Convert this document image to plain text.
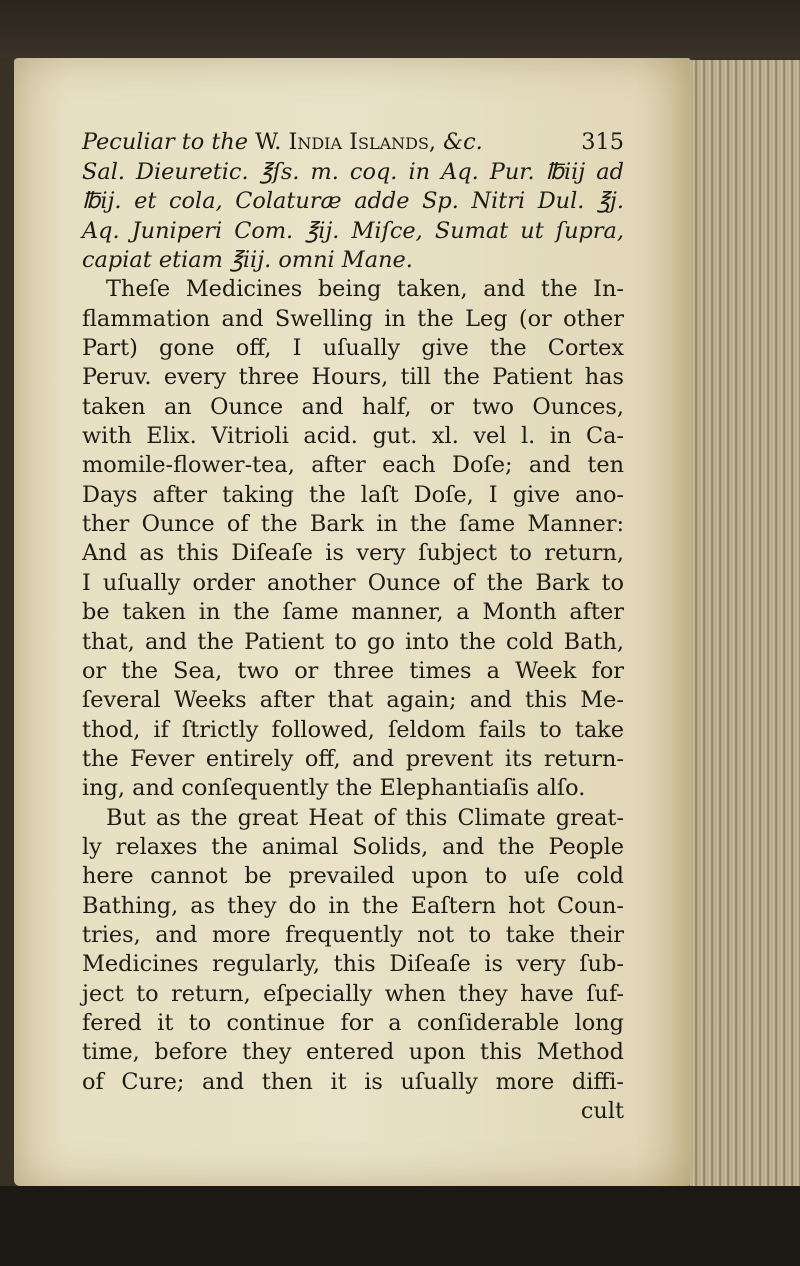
Peculiar to the W. India Islands, &c.	315
Sal. Dieuretic. ℥ſs. m. coq. in Aq. Pur. ℔iij ad
℔ij. et cola, Colaturæ adde Sp. Nitri Dul. ℥j.
Aq. Juniperi Com. ℥ij. Miſce, Sumat ut ſupra,
capiat etiam ℥iij. omni Mane.
Theſe Medicines being taken, and the In-
flammation and Swelling in the Leg (or other
Part) gone off, I uſually give the Cortex
Peruv. every three Hours, till the Patient has
taken an Ounce and half, or two Ounces,
with Elix. Vitrioli acid. gut. xl. vel l. in Ca-
momile-flower-tea, after each Doſe; and ten
Days after taking the laſt Doſe, I give ano-
ther Ounce of the Bark in the ſame Manner:
And as this Diſeaſe is very ſubject to return,
I uſually order another Ounce of the Bark to
be taken in the ſame manner, a Month after
that, and the Patient to go into the cold Bath,
or the Sea, two or three times a Week for
ſeveral Weeks after that again; and this Me-
thod, if ſtrictly followed, ſeldom fails to take
the Fever entirely off, and prevent its return-
ing, and conſequently the Elephantiaſis alſo.
But as the great Heat of this Climate great-
ly relaxes the animal Solids, and the People
here cannot be prevailed upon to uſe cold
Bathing, as they do in the Eaſtern hot Coun-
tries, and more frequently not to take their
Medicines regularly, this Diſeaſe is very ſub-
ject to return, eſpecially when they have ſuf-
fered it to continue for a conſiderable long
time, before they entered upon this Method
of Cure; and then it is uſually more diffi-
cult
